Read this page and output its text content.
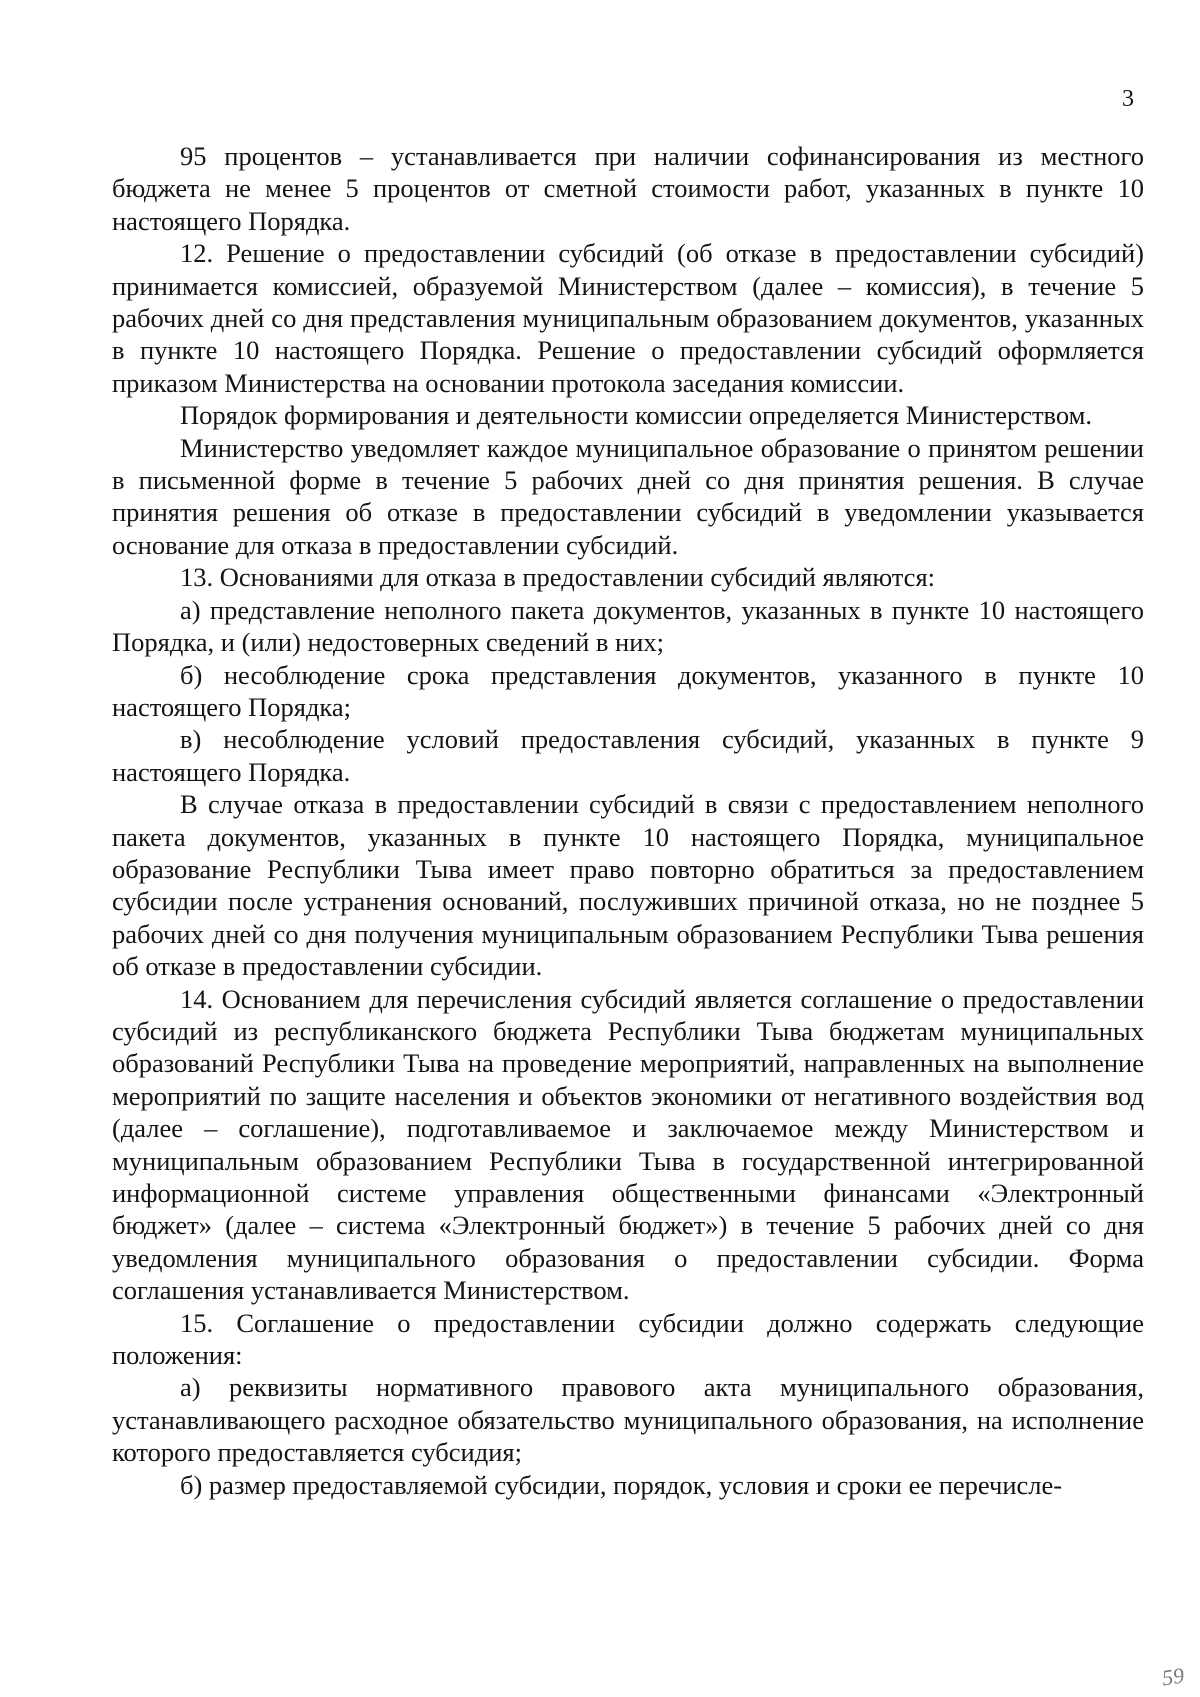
3

95 процентов – устанавливается при наличии софинансирования из местного бюджета не менее 5 процентов от сметной стоимости работ, указанных в пункте 10 настоящего Порядка.

12. Решение о предоставлении субсидий (об отказе в предоставлении субсидий) принимается комиссией, образуемой Министерством (далее – комиссия), в течение 5 рабочих дней со дня представления муниципальным образованием документов, указанных в пункте 10 настоящего Порядка. Решение о предоставлении субсидий оформляется приказом Министерства на основании протокола заседания комиссии.

Порядок формирования и деятельности комиссии определяется Министерством.

Министерство уведомляет каждое муниципальное образование о принятом решении в письменной форме в течение 5 рабочих дней со дня принятия решения. В случае принятия решения об отказе в предоставлении субсидий в уведомлении указывается основание для отказа в предоставлении субсидий.

13. Основаниями для отказа в предоставлении субсидий являются:

а) представление неполного пакета документов, указанных в пункте 10 настоящего Порядка, и (или) недостоверных сведений в них;

б) несоблюдение срока представления документов, указанного в пункте 10 настоящего Порядка;

в) несоблюдение условий предоставления субсидий, указанных в пункте 9 настоящего Порядка.

В случае отказа в предоставлении субсидий в связи с предоставлением неполного пакета документов, указанных в пункте 10 настоящего Порядка, муниципальное образование Республики Тыва имеет право повторно обратиться за предоставлением субсидии после устранения оснований, послуживших причиной отказа, но не позднее 5 рабочих дней со дня получения муниципальным образованием Республики Тыва решения об отказе в предоставлении субсидии.

14. Основанием для перечисления субсидий является соглашение о предоставлении субсидий из республиканского бюджета Республики Тыва бюджетам муниципальных образований Республики Тыва на проведение мероприятий, направленных на выполнение мероприятий по защите населения и объектов экономики от негативного воздействия вод (далее – соглашение), подготавливаемое и заключаемое между Министерством и муниципальным образованием Республики Тыва в государственной интегрированной информационной системе управления общественными финансами «Электронный бюджет» (далее – система «Электронный бюджет») в течение 5 рабочих дней со дня уведомления муниципального образования о предоставлении субсидии. Форма соглашения устанавливается Министерством.

15. Соглашение о предоставлении субсидии должно содержать следующие положения:

а) реквизиты нормативного правового акта муниципального образования, устанавливающего расходное обязательство муниципального образования, на исполнение которого предоставляется субсидия;

б) размер предоставляемой субсидии, порядок, условия и сроки ее перечисле-

59
